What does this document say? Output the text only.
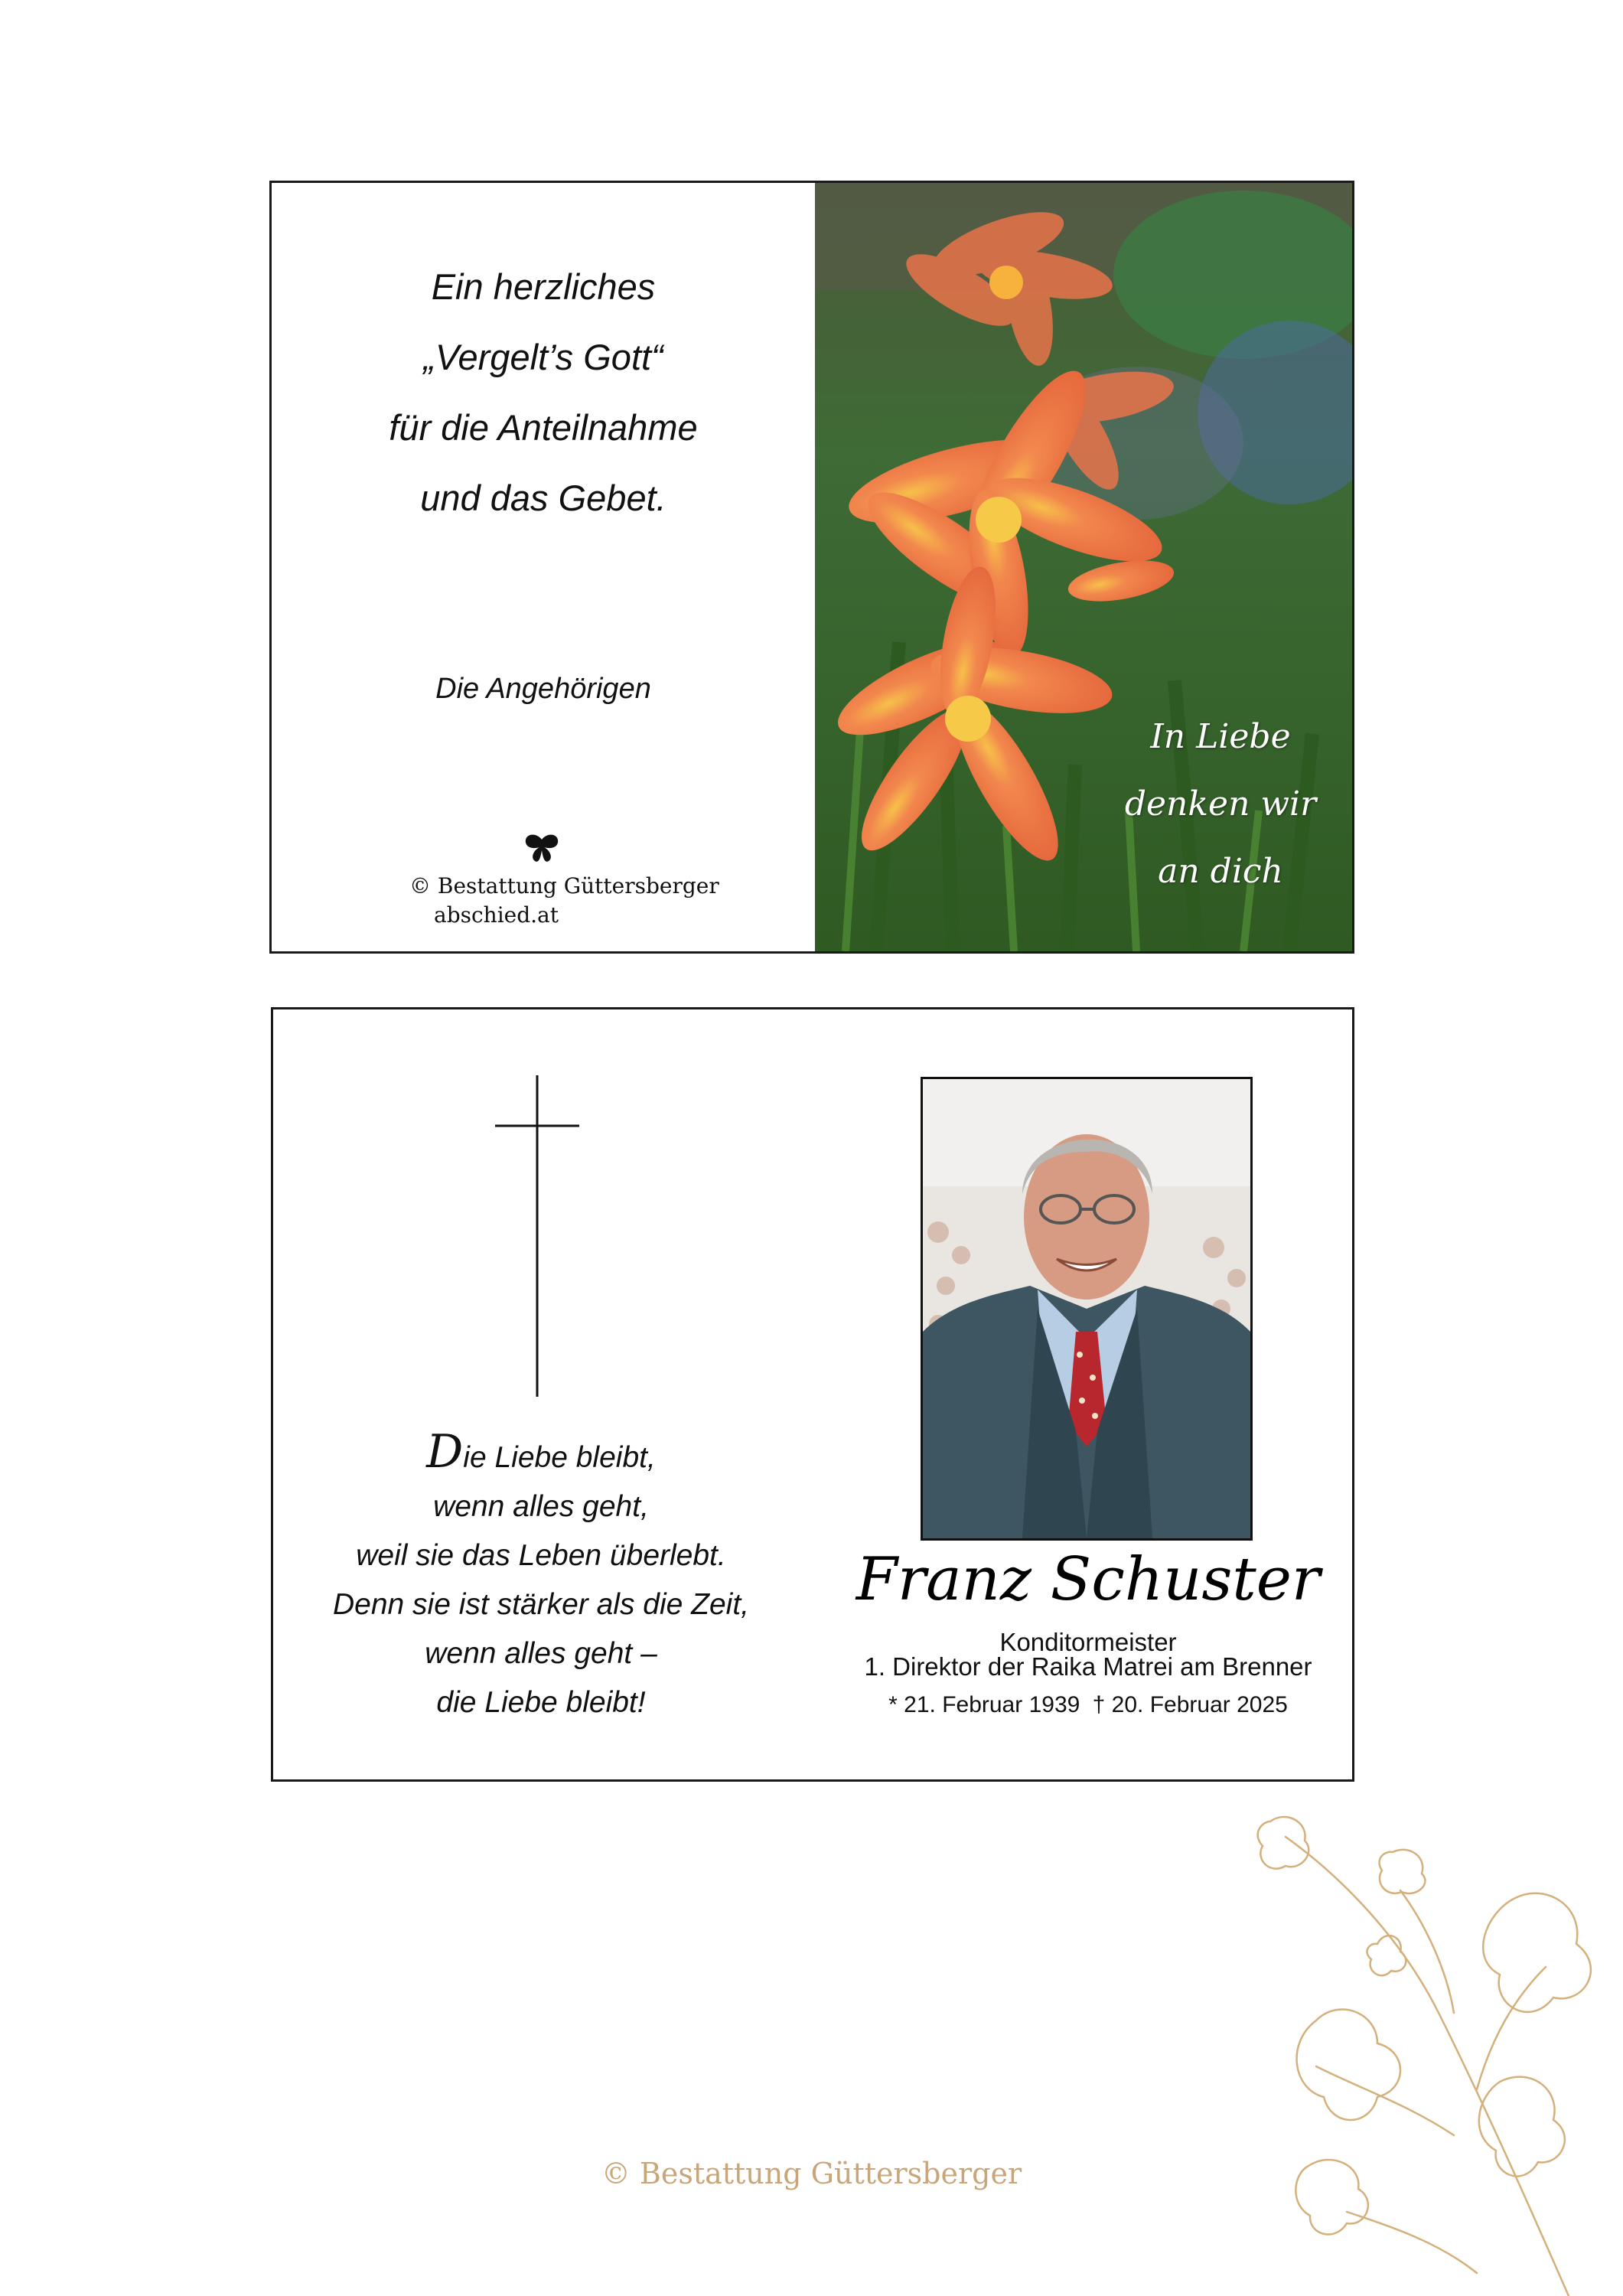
Ein herzliches
„Vergelt’s Gott“
für die Anteilnahme
und das Gebet.
Die Angehörigen
© Bestattung Güttersberger
abschied.at
In Liebe
denken wir
an dich
Die Liebe bleibt,
wenn alles geht,
weil sie das Leben überlebt.
Denn sie ist stärker als die Zeit,
wenn alles geht –
die Liebe bleibt!
Franz Schuster
Konditormeister
1. Direktor der Raika Matrei am Brenner
* 21. Februar 1939 † 20. Februar 2025
© Bestattung Güttersberger
